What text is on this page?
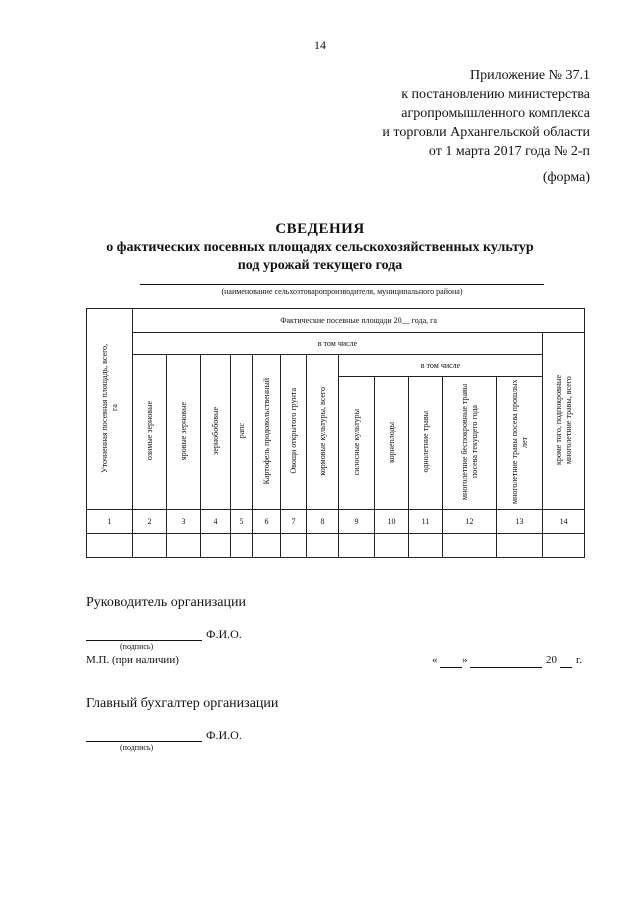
14
Приложение № 37.1
к постановлению министерства
агропромышленного комплекса
и торговли Архангельской области
от 1 марта 2017 года № 2-п
(форма)
СВЕДЕНИЯ
о фактических посевных площадях сельскохозяйственных культур
под урожай текущего года
(наименование сельхозтоваропроизводителя, муниципального района)
Уточненная посевная площадь, всего, га	Фактические посевные площади 20__ года, га												
	в том числе												кроме того, подпокровные многолетние травы, всего
	озимые зерновые	яровые зерновые	зернобобовые	рапс	Картофель продовольственный	Овощи открытого грунта	кормовые культуры, всего	в том числе					
								силосные культуры	корнеплоды	однолетние травы	многолетние беспокровные травы посева текущего года	многолетние травы посева прошлых лет	
1	2	3	4	5	6	7	8	9	10	11	12	13	14

Руководитель организации
Ф.И.О.
(подпись)
М.П. (при наличии)	« »	20 г.
Главный бухгалтер организации
Ф.И.О.
(подпись)
